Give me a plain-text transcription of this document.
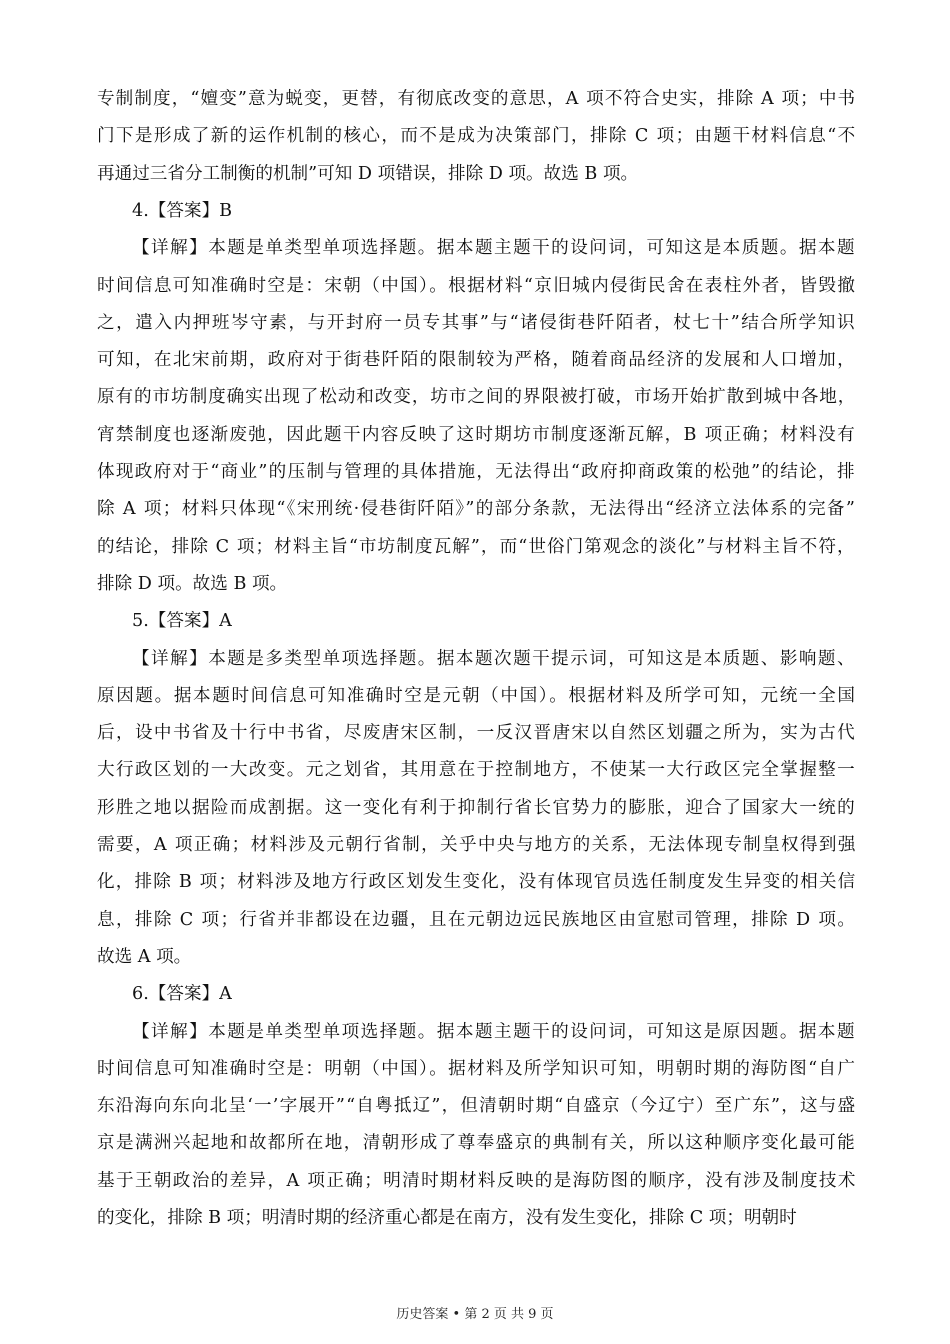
专制制度，“嬗变”意为蜕变，更替，有彻底改变的意思，A 项不符合史实，排除 A 项；中书
门下是形成了新的运作机制的核心，而不是成为决策部门，排除 C 项；由题干材料信息“不
再通过三省分工制衡的机制”可知 D 项错误，排除 D 项。故选 B 项。
4.【答案】B
【详解】本题是单类型单项选择题。据本题主题干的设问词，可知这是本质题。据本题
时间信息可知准确时空是：宋朝（中国）。根据材料“京旧城内侵街民舍在表柱外者，皆毁撤
之，遣入内押班岑守素，与开封府一员专其事”与“诸侵街巷阡陌者，杖七十”结合所学知识
可知，在北宋前期，政府对于街巷阡陌的限制较为严格，随着商品经济的发展和人口增加，
原有的市坊制度确实出现了松动和改变，坊市之间的界限被打破，市场开始扩散到城中各地，
宵禁制度也逐渐废弛，因此题干内容反映了这时期坊市制度逐渐瓦解，B 项正确；材料没有
体现政府对于“商业”的压制与管理的具体措施，无法得出“政府抑商政策的松弛”的结论，排
除 A 项；材料只体现“《宋刑统·侵巷街阡陌》”的部分条款，无法得出“经济立法体系的完备”
的结论，排除 C 项；材料主旨“市坊制度瓦解”，而“世俗门第观念的淡化”与材料主旨不符，
排除 D 项。故选 B 项。
5.【答案】A
【详解】本题是多类型单项选择题。据本题次题干提示词，可知这是本质题、影响题、
原因题。据本题时间信息可知准确时空是元朝（中国）。根据材料及所学可知，元统一全国
后，设中书省及十行中书省，尽废唐宋区制，一反汉晋唐宋以自然区划疆之所为，实为古代
大行政区划的一大改变。元之划省，其用意在于控制地方，不使某一大行政区完全掌握整一
形胜之地以据险而成割据。这一变化有利于抑制行省长官势力的膨胀，迎合了国家大一统的
需要，A 项正确；材料涉及元朝行省制，关乎中央与地方的关系，无法体现专制皇权得到强
化，排除 B 项；材料涉及地方行政区划发生变化，没有体现官员选任制度发生异变的相关信
息，排除 C 项；行省并非都设在边疆，且在元朝边远民族地区由宣慰司管理，排除 D 项。
故选 A 项。
6.【答案】A
【详解】本题是单类型单项选择题。据本题主题干的设问词，可知这是原因题。据本题
时间信息可知准确时空是：明朝（中国）。据材料及所学知识可知，明朝时期的海防图“自广
东沿海向东向北呈‘一’字展开”“自粤抵辽”，但清朝时期“自盛京（今辽宁）至广东”，这与盛
京是满洲兴起地和故都所在地，清朝形成了尊奉盛京的典制有关，所以这种顺序变化最可能
基于王朝政治的差异，A 项正确；明清时期材料反映的是海防图的顺序，没有涉及制度技术
的变化，排除 B 项；明清时期的经济重心都是在南方，没有发生变化，排除 C 项；明朝时
历史答案 • 第 2 页 共 9 页
